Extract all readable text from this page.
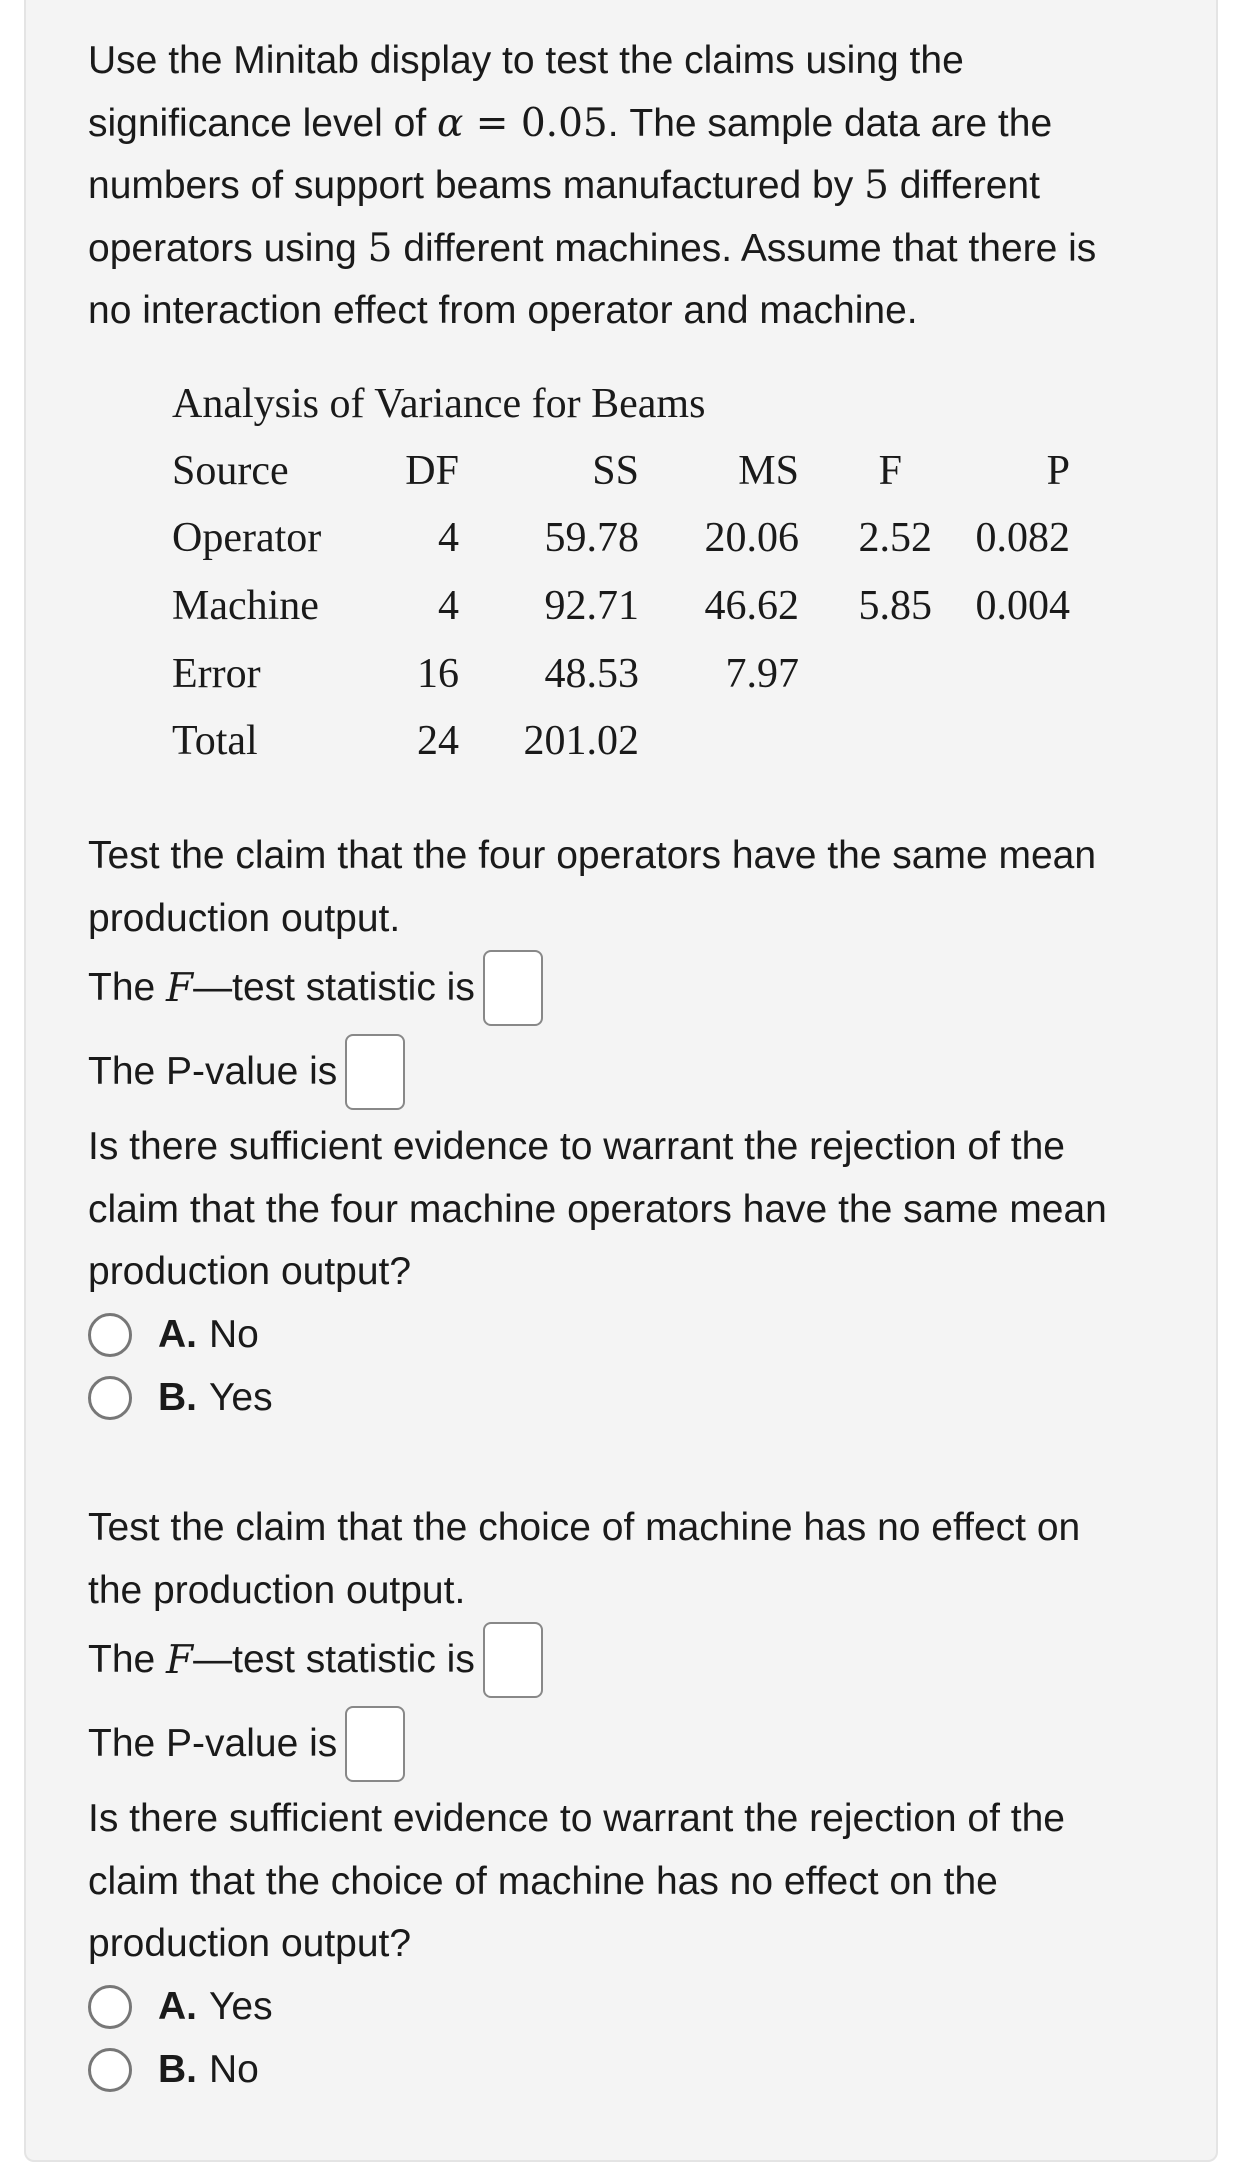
Use the Minitab display to test the claims using the

significance level of α = 0.05. The sample data are the

numbers of support beams manufactured by 5 different

operators using 5 different machines. Assume that there is

no interaction effect from operator and machine.

Analysis of Variance for Beams
Source	DF	SS MS F	P
Operator	4 59.78 20.06 2.52 0.082
Machine	4 92.71 46.62 5.85 0.004
Error	16 48.53 7.97
Total	24 201.02

Test the claim that the four operators have the same mean

production output.

The
F —test statistic is
The P-value is

Is there sufficient evidence to warrant the rejection of the

claim that the four machine operators have the same mean

production output?

A. No
B. Yes

Test the claim that the choice of machine has no effect on

the production output.

The
F —test statistic is
The P-value is

Is there sufficient evidence to warrant the rejection of the

claim that the choice of machine has no effect on the

production output?

A. Yes
B. No
